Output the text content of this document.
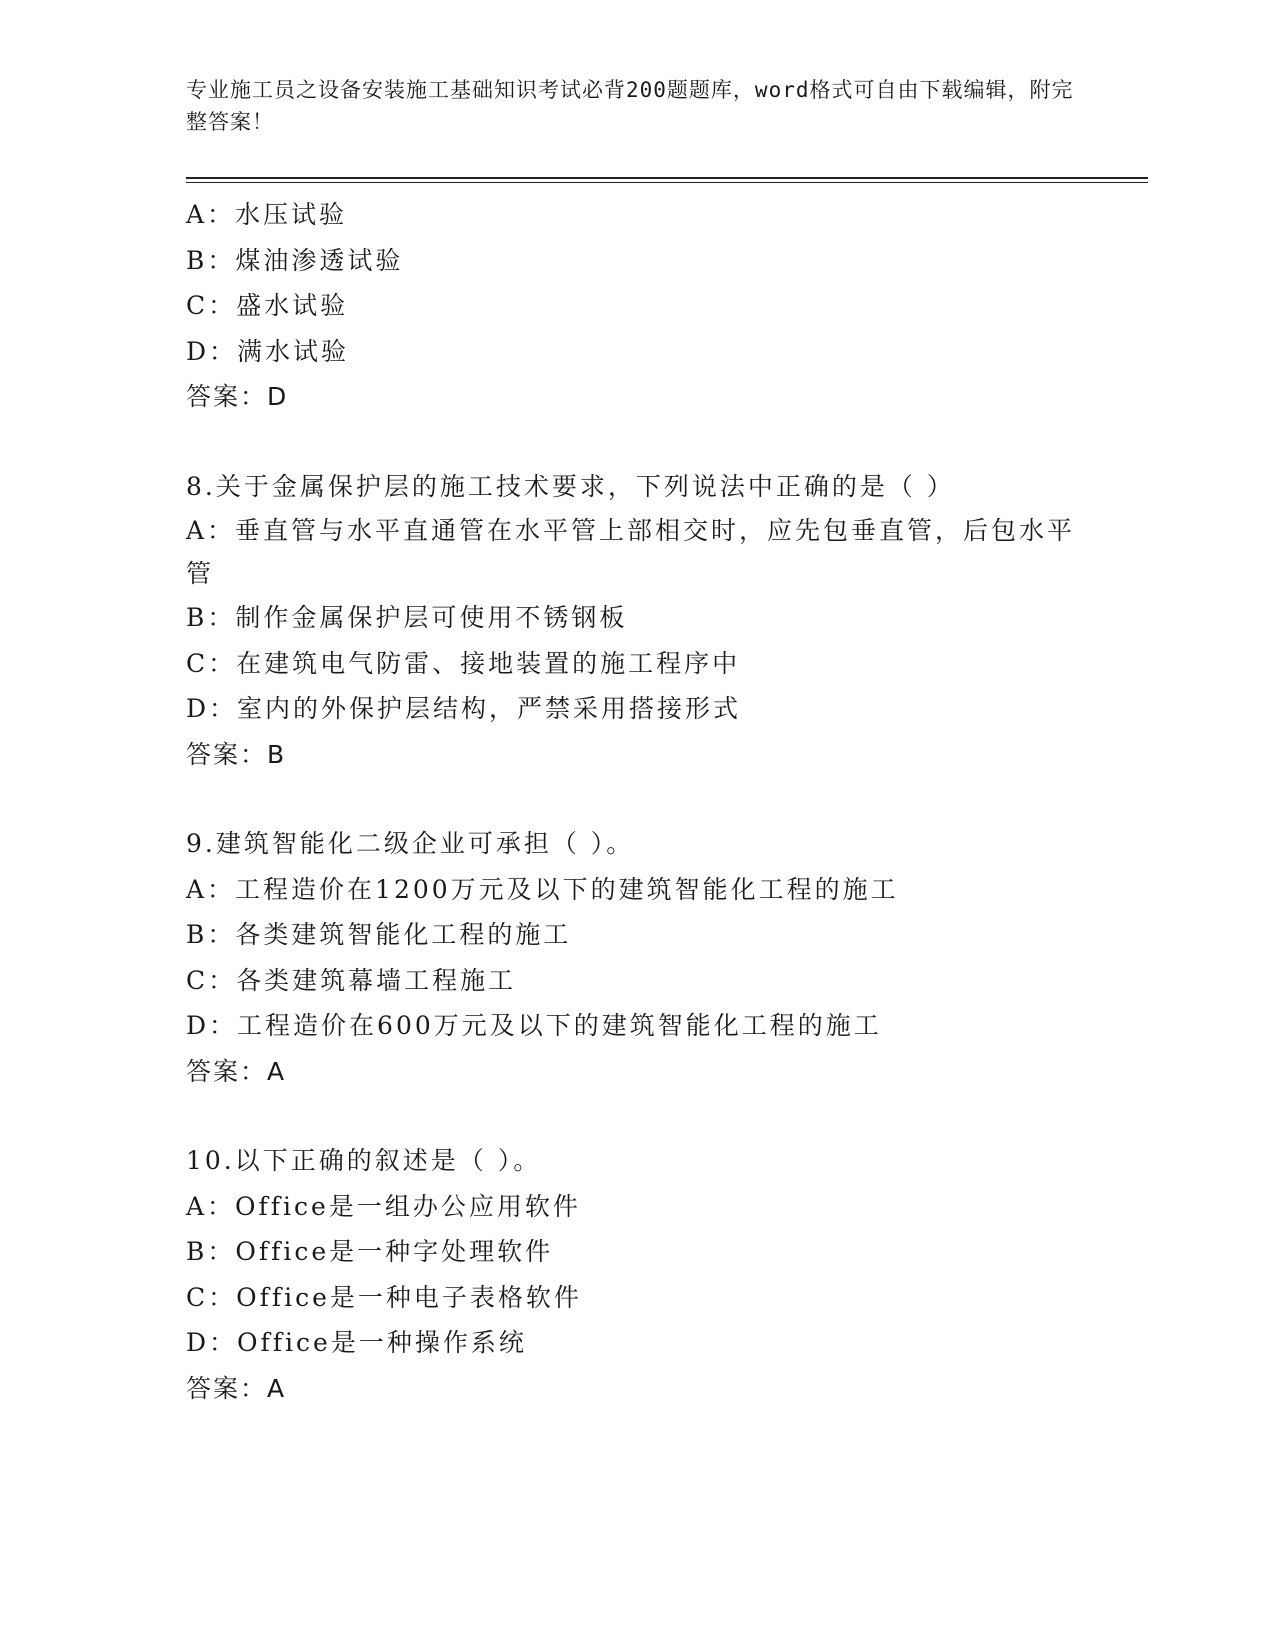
专业施工员之设备安装施工基础知识考试必背200题题库，word格式可自由下载编辑，附完整答案！
A：水压试验
B：煤油渗透试验
C：盛水试验
D：满水试验
答案：D
8.关于金属保护层的施工技术要求，下列说法中正确的是（ ）
A：垂直管与水平直通管在水平管上部相交时，应先包垂直管，后包水平管
B：制作金属保护层可使用不锈钢板
C：在建筑电气防雷、接地装置的施工程序中
D：室内的外保护层结构，严禁采用搭接形式
答案：B
9.建筑智能化二级企业可承担（ ）。
A：工程造价在1200万元及以下的建筑智能化工程的施工
B：各类建筑智能化工程的施工
C：各类建筑幕墙工程施工
D：工程造价在600万元及以下的建筑智能化工程的施工
答案：A
10.以下正确的叙述是（ ）。
A：Office是一组办公应用软件
B：Office是一种字处理软件
C：Office是一种电子表格软件
D：Office是一种操作系统
答案：A
